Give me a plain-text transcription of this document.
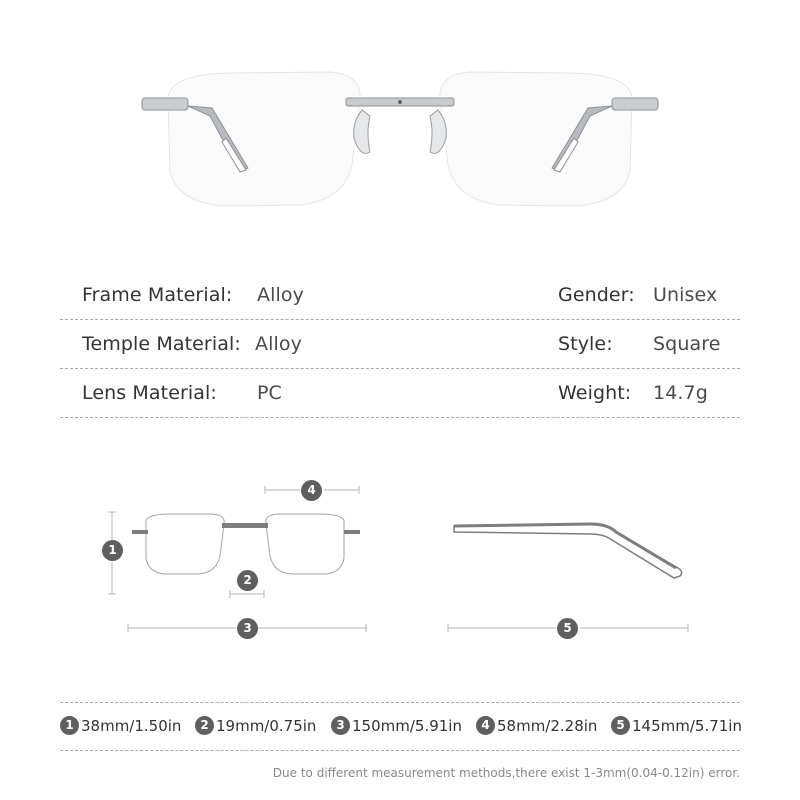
Frame Material: Alloy	Gender: Unisex
Temple Material: Alloy	Style: Square
Lens Material: PC	Weight: 14.7g
4
1
2
3	5
1 38mm/1.50in	2 19mm/0.75in	3 150mm/5.91in	4 58mm/2.28in	5 145mm/5.71in
Due to different measurement methods,there exist 1-3mm(0.04-0.12in) error.
